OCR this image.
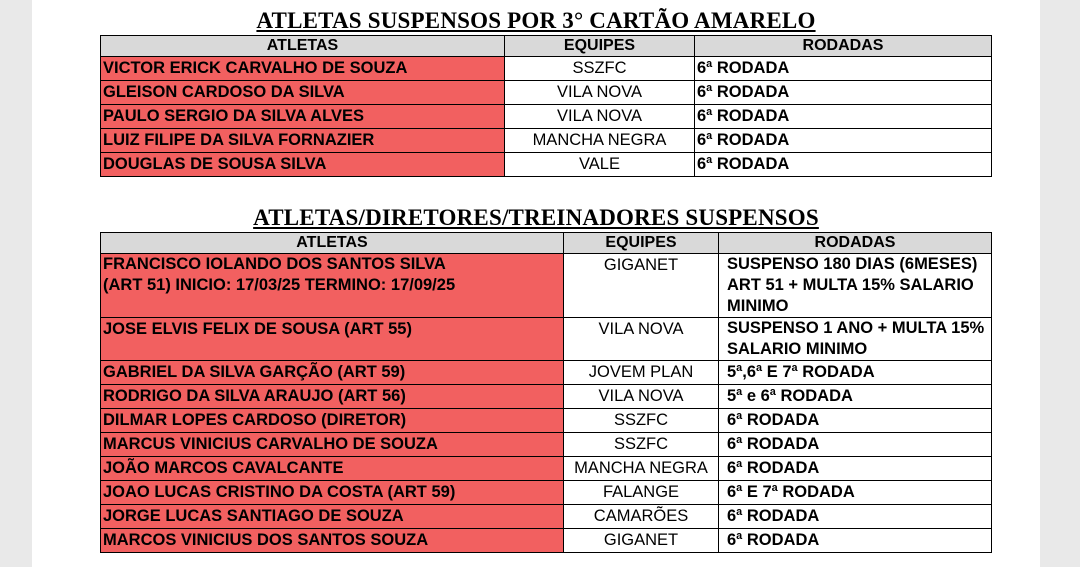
ATLETAS SUSPENSOS POR 3° CARTÃO AMARELO
ATLETAS	EQUIPES	RODADAS
VICTOR ERICK CARVALHO DE SOUZA	SSZFC	6ª RODADA
GLEISON CARDOSO DA SILVA	VILA NOVA	6ª RODADA
PAULO SERGIO DA SILVA ALVES	VILA NOVA	6ª RODADA
LUIZ FILIPE DA SILVA FORNAZIER	MANCHA NEGRA	6ª RODADA
DOUGLAS DE SOUSA SILVA	VALE	6ª RODADA
ATLETAS/DIRETORES/TREINADORES SUSPENSOS
ATLETAS	EQUIPES	RODADAS

FRANCISCO IOLANDO DOS SANTOS SILVA
(ART 51) INICIO: 17/03/25 TERMINO: 17/09/25	GIGANET	SUSPENSO 180 DIAS (6MESES) ART 51 + MULTA 15% SALARIO MINIMO
JOSE ELVIS FELIX DE SOUSA (ART 55)	VILA NOVA	SUSPENSO 1 ANO + MULTA 15% SALARIO MINIMO
GABRIEL DA SILVA GARÇÃO (ART 59)	JOVEM PLAN	5ª,6ª E 7ª RODADA
RODRIGO DA SILVA ARAUJO (ART 56)	VILA NOVA	5ª e 6ª RODADA
DILMAR LOPES CARDOSO (DIRETOR)	SSZFC	6ª RODADA
MARCUS VINICIUS CARVALHO DE SOUZA	SSZFC	6ª RODADA
JOÃO MARCOS CAVALCANTE	MANCHA NEGRA	6ª RODADA
JOAO LUCAS CRISTINO DA COSTA (ART 59)	FALANGE	6ª E 7ª RODADA
JORGE LUCAS SANTIAGO DE SOUZA	CAMARÕES	6ª RODADA
MARCOS VINICIUS DOS SANTOS SOUZA	GIGANET	6ª RODADA
